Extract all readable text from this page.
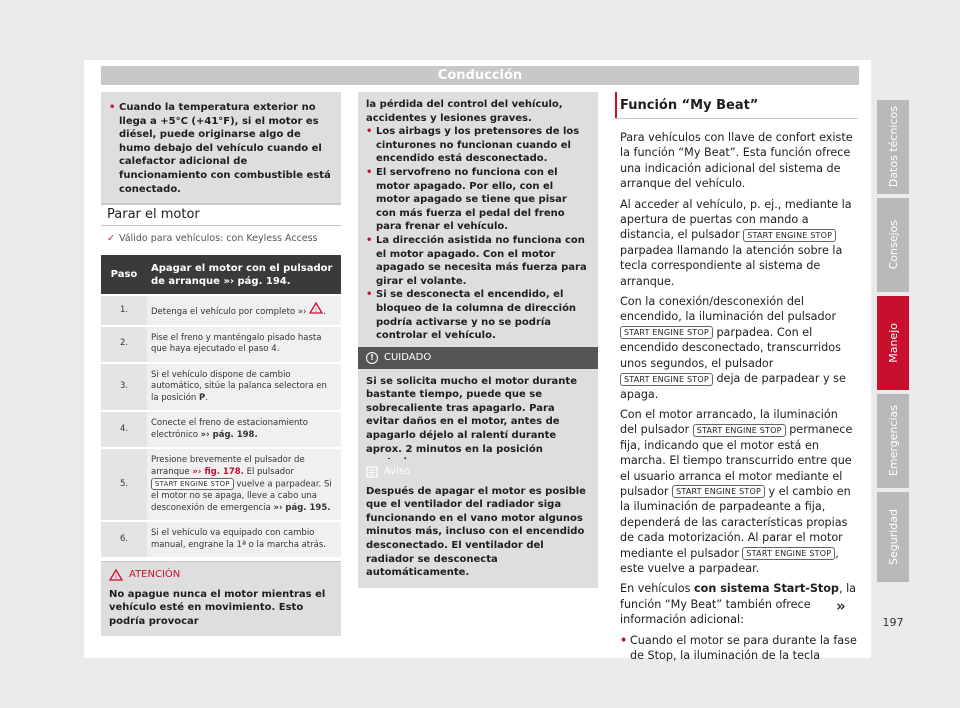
Conducción
• Cuando la temperatura exterior no llega a +5°C (+41°F), si el motor es diésel, puede originarse algo de humo debajo del vehículo cuando el calefactor adicional de funcionamiento con combustible está conectado.
Parar el motor
✓ Válido para vehículos: con Keyless Access
Paso	Apagar el motor con el pulsador de arranque »› pág. 194.
1.	Detenga el vehículo por completo »› ! .
2.	Pise el freno y manténgalo pisado hasta que haya ejecutado el paso 4.
3.	Si el vehículo dispone de cambio automático, sitúe la palanca selectora en la posición P.
4.	Conecte el freno de estacionamiento electrónico »› pág. 198.
5.	Presione brevemente el pulsador de arranque »› fig. 178. El pulsador START ENGINE STOP vuelve a parpadear. Si el motor no se apaga, lleve a cabo una desconexión de emergencia »› pág. 195.
6.	Si el vehículo va equipado con cambio manual, engrane la 1ª o la marcha atrás.
! ATENCIÓN
No apague nunca el motor mientras el vehículo esté en movimiento. Esto podría provocar
la pérdida del control del vehículo, accidentes y lesiones graves.
• Los airbags y los pretensores de los cinturones no funcionan cuando el encendido está desconectado.
• El servofreno no funciona con el motor apagado. Por ello, con el motor apagado se tiene que pisar con más fuerza el pedal del freno para frenar el vehículo.
• La dirección asistida no funciona con el motor apagado. Con el motor apagado se necesita más fuerza para girar el volante.
• Si se desconecta el encendido, el bloqueo de la columna de dirección podría activarse y no se podría controlar el vehículo.
!	CUIDADO
Si se solicita mucho el motor durante bastante tiempo, puede que se sobrecaliente tras apagarlo. Para evitar daños en el motor, antes de apagarlo déjelo al ralentí durante aprox. 2 minutos en la posición
Aviso
Después de apagar el motor es posible que el ventilador del radiador siga funcionando en el vano motor algunos minutos más, incluso con el encendido desconectado. El ventilador del radiador se desconecta automáticamente.
Función “My Beat”

Para vehículos con llave de confort existe la función “My Beat”. Esta función ofrece una indicación adicional del sistema de arranque del vehículo.

Al acceder al vehículo, p. ej., mediante la apertura de puertas con mando a distancia, el pulsador START ENGINE STOP parpadea llamando la atención sobre la tecla correspondiente al sistema de arranque.

Con la conexión/desconexión del encendido, la iluminación del pulsador START ENGINE STOP parpadea. Con el encendido desconectado, transcurridos unos segundos, el pulsador START ENGINE STOP deja de parpadear y se apaga.

Con el motor arrancado, la iluminación del pulsador START ENGINE STOP permanece fija, indicando que el motor está en marcha. El tiempo transcurrido entre que el usuario arranca el motor mediante el pulsador START ENGINE STOP y el cambio en la iluminación de parpadeante a fija, dependerá de las características propias de cada motorización. Al parar el motor mediante el pulsador START ENGINE STOP , este vuelve a parpadear.

En vehículos con sistema Start-Stop, la función “My Beat” también ofrece información adicional:

• Cuando el motor se para durante la fase de Stop, la iluminación de la tecla
»
Datos técnicos
Consejos
Manejo
Emergencias
Seguridad
197
